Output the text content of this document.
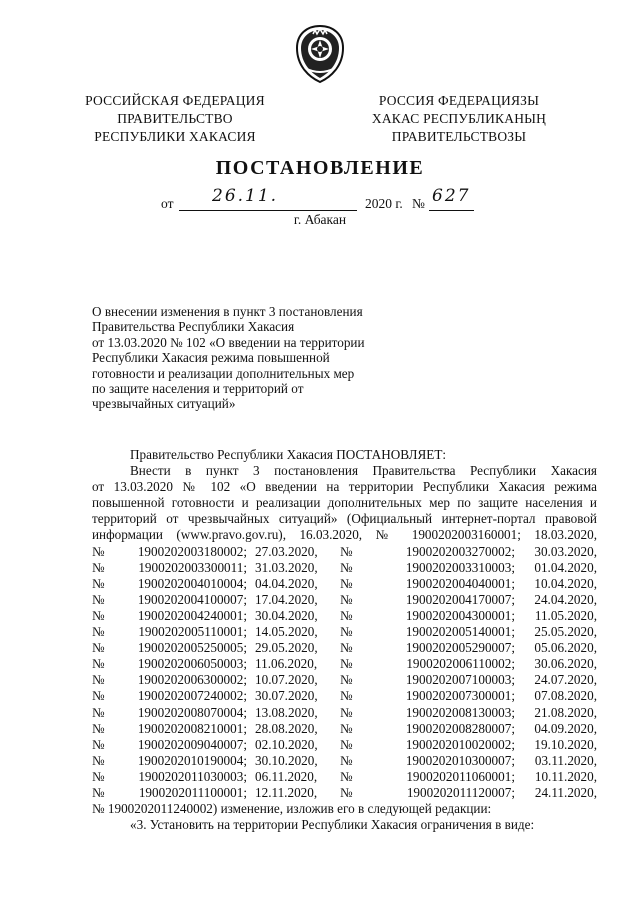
РОССИЙСКАЯ ФЕДЕРАЦИЯ
ПРАВИТЕЛЬСТВО
РЕСПУБЛИКИ ХАКАСИЯ
РОССИЯ ФЕДЕРАЦИЯЗЫ
ХАКАС РЕСПУБЛИКАНЫҢ
ПРАВИТЕЛЬСТВОЗЫ
ПОСТАНОВЛЕНИЕ
от 26.11.	2020 г. № 627
г. Абакан
О внесении изменения в пункт 3 постановления
Правительства Республики Хакасия
от 13.03.2020 № 102 «О введении на территории
Республики Хакасия режима повышенной
готовности и реализации дополнительных мер
по защите населения и территорий от
чрезвычайных ситуаций»
Правительство Республики Хакасия ПОСТАНОВЛЯЕТ:
Внести в пункт 3 постановления Правительства Республики Хакасия
от 13.03.2020 № 102 «О введении на территории Республики Хакасия режима
повышенной готовности и реализации дополнительных мер по защите населения и
территорий от чрезвычайных ситуаций» (Официальный интернет-портал правовой
информации (www.pravo.gov.ru), 16.03.2020, № 1900202003160001; 18.03.2020,
№	1900202003180002; 27.03.2020,	№	1900202003270002;	30.03.2020,
№	1900202003300011; 31.03.2020,	№	1900202003310003;	01.04.2020,
№	1900202004010004; 04.04.2020,	№	1900202004040001;	10.04.2020,
№	1900202004100007; 17.04.2020,	№	1900202004170007;	24.04.2020,
№	1900202004240001; 30.04.2020,	№	1900202004300001;	11.05.2020,
№	1900202005110001; 14.05.2020,	№	1900202005140001;	25.05.2020,
№	1900202005250005; 29.05.2020,	№	1900202005290007;	05.06.2020,
№	1900202006050003; 11.06.2020,	№	1900202006110002;	30.06.2020,
№	1900202006300002; 10.07.2020,	№	1900202007100003;	24.07.2020,
№	1900202007240002; 30.07.2020,	№	1900202007300001;	07.08.2020,
№	1900202008070004; 13.08.2020,	№	1900202008130003;	21.08.2020,
№	1900202008210001; 28.08.2020,	№	1900202008280007;	04.09.2020,
№	1900202009040007; 02.10.2020,	№	1900202010020002;	19.10.2020,
№	1900202010190004; 30.10.2020,	№	1900202010300007;	03.11.2020,
№	1900202011030003; 06.11.2020,	№	1900202011060001;	10.11.2020,
№	1900202011100001; 12.11.2020,	№	1900202011120007;	24.11.2020,
№ 1900202011240002) изменение, изложив его в следующей редакции:
«3. Установить на территории Республики Хакасия ограничения в виде:
